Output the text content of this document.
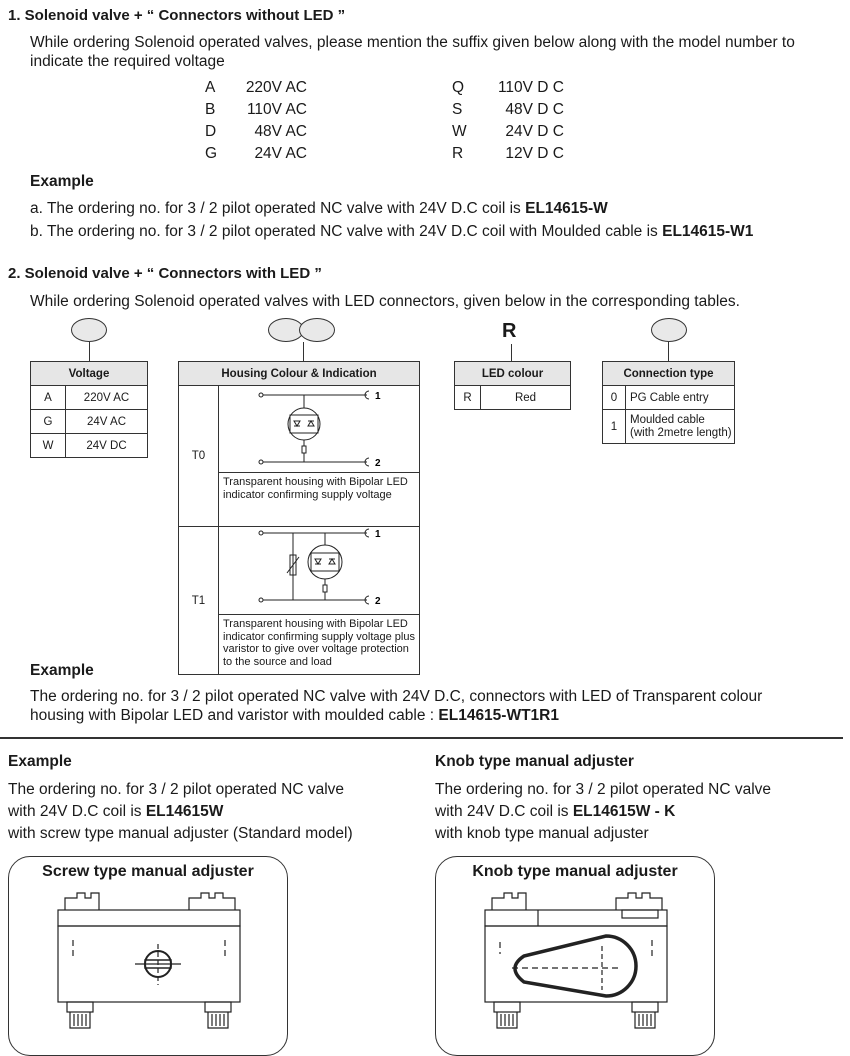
1. Solenoid valve + “ Connectors without LED ”
While ordering Solenoid operated valves, please mention the suffix given below along with the model number to indicate the required voltage
A 220V AC
B 110V AC
D 48V AC
G 24V AC
Q 110V D C
S	48V D C
W	24V D C
R	12V D C
Example
a. The ordering no. for 3 / 2 pilot operated NC valve with 24V D.C coil is EL14615-W
b. The ordering no. for 3 / 2 pilot operated NC valve with 24V D.C coil with Moulded cable is EL14615-W1
2. Solenoid valve + “ Connectors with LED ”
While ordering Solenoid operated valves with LED connectors, given below in the corresponding tables.
R
Voltage	
A	220V AC
G	24V AC
W	24V DC
Housing Colour & Indication	
T0	1
2
Transparent housing with Bipolar LED indicator confirming supply voltage

T1	1
2
Transparent housing with Bipolar LED indicator confirming supply voltage plus varistor to give over voltage protection to the source and load
LED colour
R	Red
Connection type	
0	PG Cable entry
1	Moulded cable (with 2metre length)
Example
The ordering no. for 3 / 2 pilot operated NC valve with 24V D.C, connectors with LED of Transparent colour housing with Bipolar LED and varistor with moulded cable : EL14615-WT1R1
Example
The ordering no. for 3 / 2 pilot operated NC valve
with 24V D.C coil is EL14615W
with screw type manual adjuster (Standard model)
Screw type manual adjuster
Knob type manual adjuster
The ordering no. for 3 / 2 pilot operated NC valve
with 24V D.C coil is EL14615W - K
with knob type manual adjuster
Knob type manual adjuster
